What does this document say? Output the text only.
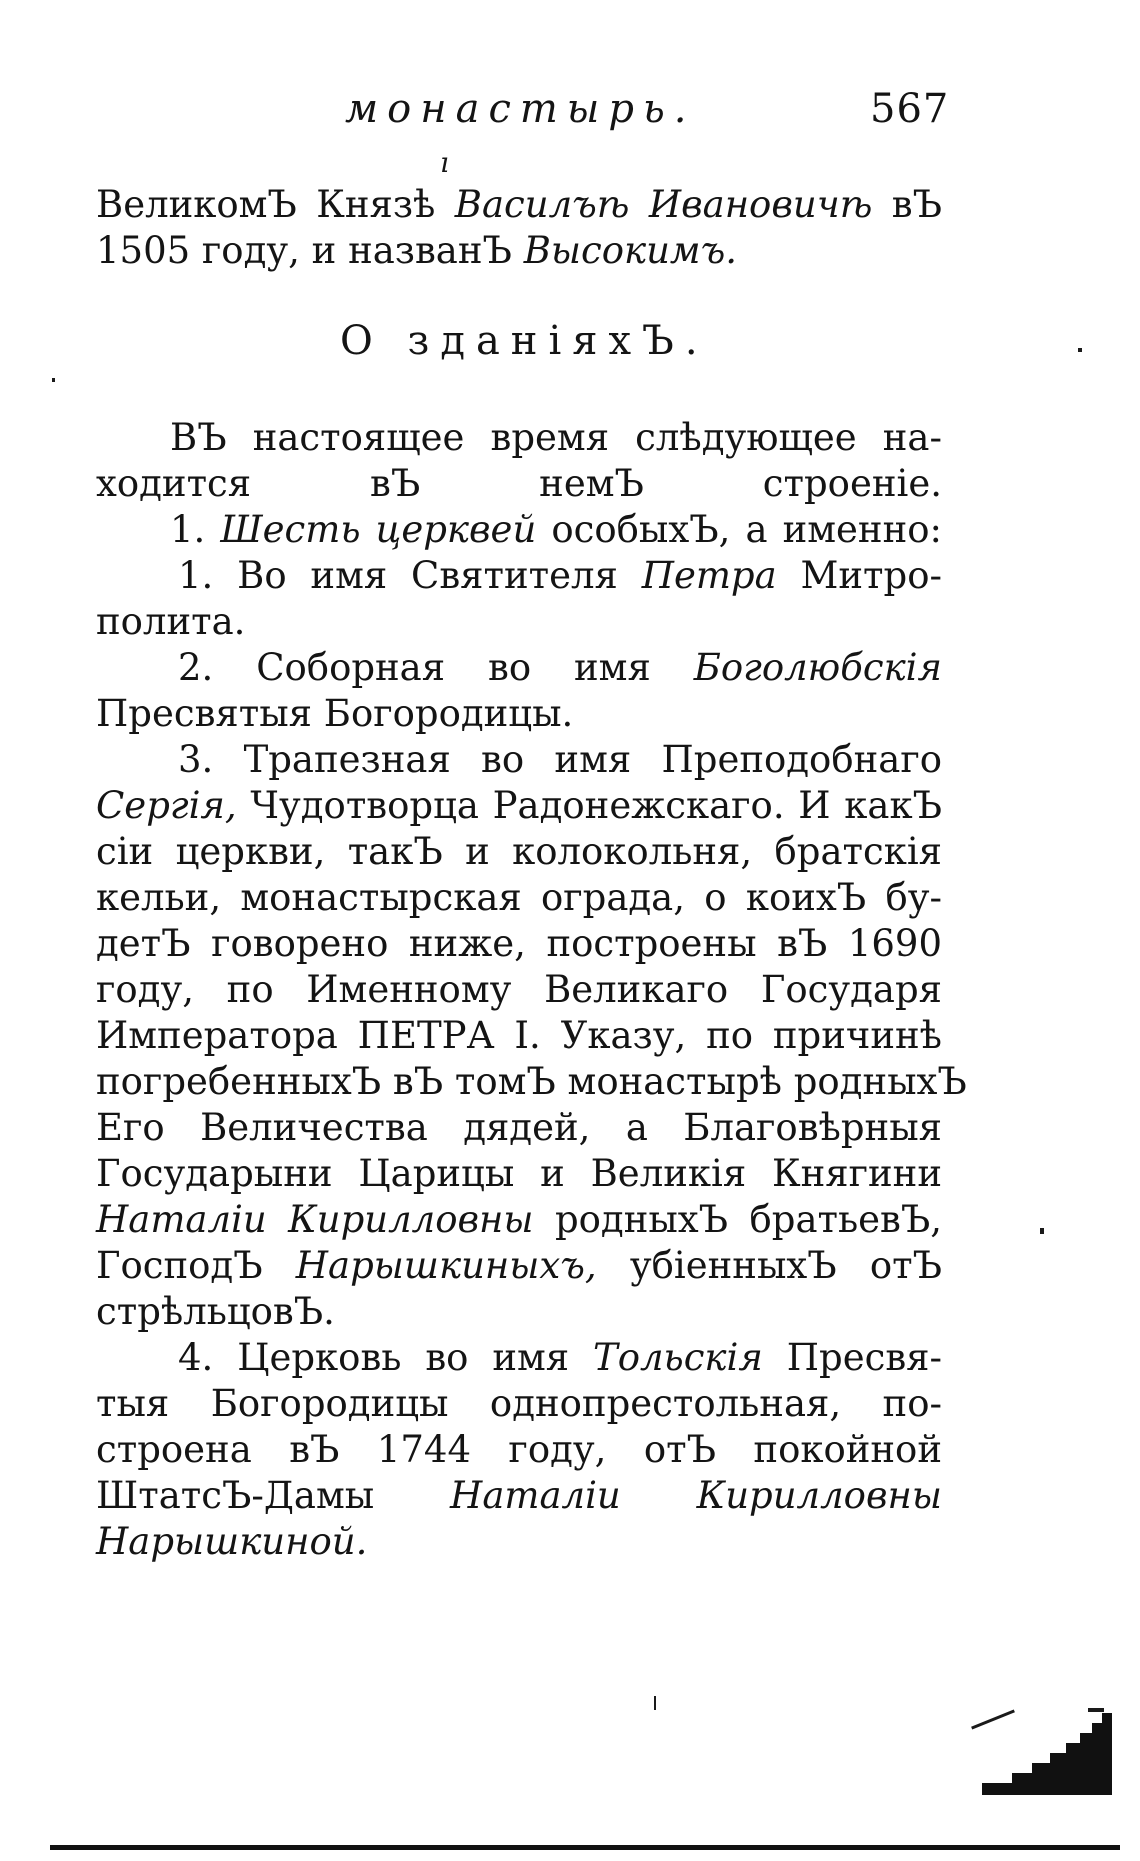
монастырь.	567
ı
ВеликомЪ Князѣ Василъѣ Ивановичѣ вЪ
1505 году, и названЪ Высокимъ.
О зданіяхЪ.
ВЪ настоящее время слѣдующее на-
ходится вЪ немЪ строеніе.
1. Шесть церквей особыхЪ, а именно:
1. Во имя Святителя Петра Митро-
полита.
2. Соборная во имя Боголюбскія
Пресвятыя Богородицы.
3. Трапезная во имя Преподобнаго
Сергія, Чудотворца Радонежскаго. И какЪ
сіи церкви, такЪ и колокольня, братскія
кельи, монастырская ограда, о коихЪ бу-
детЪ говорено ниже, построены вЪ 1690
году, по Именному Великаго Государя
Императора ПЕТРА I. Указу, по причинѣ
погребенныхЪ вЪ томЪ монастырѣ родныхЪ
Его Величества дядей, а Благовѣрныя
Государыни Царицы и Великія Княгини
Наталіи Кирилловны родныхЪ братьевЪ,
ГосподЪ Нарышкиныхъ, убіенныхЪ отЪ
стрѣльцовЪ.
4. Церковь во имя Тольскія Пресвя-
тыя Богородицы однопрестольная, по-
строена вЪ 1744 году, отЪ покойной
ШтатсЪ-Дамы Наталіи Кирилловны
Нарышкиной.
